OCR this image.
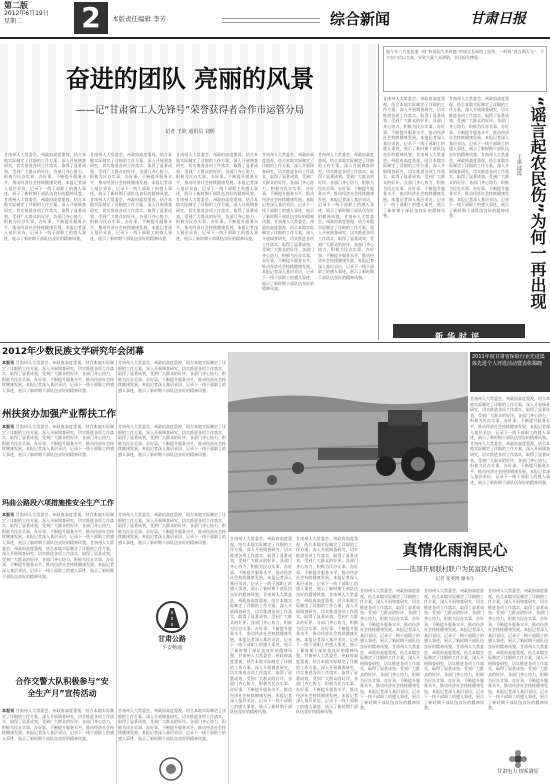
第二版
2012年6月19日
星期二	2	本版责任编辑 李芳	综合新闻	甘肃日报
奋进的团队 亮丽的风景
——记“甘肃省工人先锋号”荣誉获得者合作市运管分局
记者 王欣 通讯员 刘昕
甘南州人大常委会、州政府高度重视，结合本地实际制定了详细的工作方案，深入开展调查研究，切实推进各项工作落实，取得了显著成效，受到广大群众的好评。各部门齐心协力，积极为民办实事、办好事，不断提升服务水平，推动经济社会持续健康发展。本报记者深入基层采访，记录下一线干部职工的感人事迹，展示了新时期干部队伍良好的精神风貌。甘南州人大常委会、州政府高度重视，结合本地实际制定了详细的工作方案，深入开展调查研究，切实推进各项工作落实，取得了显著成效，受到广大群众的好评。各部门齐心协力，积极为民办实事、办好事，不断提升服务水平，推动经济社会持续健康发展。本报记者深入基层采访，记录下一线干部职工的感人事迹，展示了新时期干部队伍良好的精神风貌。
甘南州人大常委会、州政府高度重视，结合本地实际制定了详细的工作方案，深入开展调查研究，切实推进各项工作落实，取得了显著成效，受到广大群众的好评。各部门齐心协力，积极为民办实事、办好事，不断提升服务水平，推动经济社会持续健康发展。本报记者深入基层采访，记录下一线干部职工的感人事迹，展示了新时期干部队伍良好的精神风貌。甘南州人大常委会、州政府高度重视，结合本地实际制定了详细的工作方案，深入开展调查研究，切实推进各项工作落实，取得了显著成效，受到广大群众的好评。各部门齐心协力，积极为民办实事、办好事，不断提升服务水平，推动经济社会持续健康发展。本报记者深入基层采访，记录下一线干部职工的感人事迹，展示了新时期干部队伍良好的精神风貌。
甘南州人大常委会、州政府高度重视，结合本地实际制定了详细的工作方案，深入开展调查研究，切实推进各项工作落实，取得了显著成效，受到广大群众的好评。各部门齐心协力，积极为民办实事、办好事，不断提升服务水平，推动经济社会持续健康发展。本报记者深入基层采访，记录下一线干部职工的感人事迹，展示了新时期干部队伍良好的精神风貌。甘南州人大常委会、州政府高度重视，结合本地实际制定了详细的工作方案，深入开展调查研究，切实推进各项工作落实，取得了显著成效，受到广大群众的好评。各部门齐心协力，积极为民办实事、办好事，不断提升服务水平，推动经济社会持续健康发展。本报记者深入基层采访，记录下一线干部职工的感人事迹，展示了新时期干部队伍良好的精神风貌。
甘南州人大常委会、州政府高度重视，结合本地实际制定了详细的工作方案，深入开展调查研究，切实推进各项工作落实，取得了显著成效，受到广大群众的好评。各部门齐心协力，积极为民办实事、办好事，不断提升服务水平，推动经济社会持续健康发展。本报记者深入基层采访，记录下一线干部职工的感人事迹，展示了新时期干部队伍良好的精神风貌。甘南州人大常委会、州政府高度重视，结合本地实际制定了详细的工作方案，深入开展调查研究，切实推进各项工作落实，取得了显著成效，受到广大群众的好评。各部门齐心协力，积极为民办实事、办好事，不断提升服务水平，推动经济社会持续健康发展。本报记者深入基层采访，记录下一线干部职工的感人事迹，展示了新时期干部队伍良好的精神风貌。
甘南州人大常委会、州政府高度重视，结合本地实际制定了详细的工作方案，深入开展调查研究，切实推进各项工作落实，取得了显著成效，受到广大群众的好评。各部门齐心协力，积极为民办实事、办好事，不断提升服务水平，推动经济社会持续健康发展。本报记者深入基层采访，记录下一线干部职工的感人事迹，展示了新时期干部队伍良好的精神风貌。甘南州人大常委会、州政府高度重视，结合本地实际制定了详细的工作方案，深入开展调查研究，切实推进各项工作落实，取得了显著成效，受到广大群众的好评。各部门齐心协力，积极为民办实事、办好事，不断提升服务水平，推动经济社会持续健康发展。本报记者深入基层采访，记录下一线干部职工的感人事迹，展示了新时期干部队伍良好的精神风貌。
据今年六月某报道一则“转基因大米致癌”的谣言在网络上流传，一时间“谣言满天飞”，不少农户信以为真，导致大量大米滞销，农民损失惨重……
“谣言起农民伤”为何一再出现
王康 邱霞
甘南州人大常委会、州政府高度重视，结合本地实际制定了详细的工作方案，深入开展调查研究，切实推进各项工作落实，取得了显著成效，受到广大群众的好评。各部门齐心协力，积极为民办实事、办好事，不断提升服务水平，推动经济社会持续健康发展。本报记者深入基层采访，记录下一线干部职工的感人事迹，展示了新时期干部队伍良好的精神风貌。甘南州人大常委会、州政府高度重视，结合本地实际制定了详细的工作方案，深入开展调查研究，切实推进各项工作落实，取得了显著成效，受到广大群众的好评。各部门齐心协力，积极为民办实事、办好事，不断提升服务水平，推动经济社会持续健康发展。本报记者深入基层采访，记录下一线干部职工的感人事迹，展示了新时期干部队伍良好的精神风貌。
甘南州人大常委会、州政府高度重视，结合本地实际制定了详细的工作方案，深入开展调查研究，切实推进各项工作落实，取得了显著成效，受到广大群众的好评。各部门齐心协力，积极为民办实事、办好事，不断提升服务水平，推动经济社会持续健康发展。本报记者深入基层采访，记录下一线干部职工的感人事迹，展示了新时期干部队伍良好的精神风貌。甘南州人大常委会、州政府高度重视，结合本地实际制定了详细的工作方案，深入开展调查研究，切实推进各项工作落实，取得了显著成效，受到广大群众的好评。各部门齐心协力，积极为民办实事、办好事，不断提升服务水平，推动经济社会持续健康发展。本报记者深入基层采访，记录下一线干部职工的感人事迹，展示了新时期干部队伍良好的精神风貌。
新华时评
2012年少数民族文学研究年会闭幕
本报讯 甘南州人大常委会、州政府高度重视，结合本地实际制定了详细的工作方案，深入开展调查研究，切实推进各项工作落实，取得了显著成效，受到广大群众的好评。各部门齐心协力，积极为民办实事、办好事，不断提升服务水平，推动经济社会持续健康发展。本报记者深入基层采访，记录下一线干部职工的感人事迹，展示了新时期干部队伍良好的精神风貌。
州扶贫办加强产业帮扶工作
本报讯 甘南州人大常委会、州政府高度重视，结合本地实际制定了详细的工作方案，深入开展调查研究，切实推进各项工作落实，取得了显著成效，受到广大群众的好评。各部门齐心协力，积极为民办实事、办好事，不断提升服务水平，推动经济社会持续健康发展。本报记者深入基层采访，记录下一线干部职工的感人事迹，展示了新时期干部队伍良好的精神风貌。
玛曲公路段六项措施推安全生产工作
本报讯 甘南州人大常委会、州政府高度重视，结合本地实际制定了详细的工作方案，深入开展调查研究，切实推进各项工作落实，取得了显著成效，受到广大群众的好评。各部门齐心协力，积极为民办实事、办好事，不断提升服务水平，推动经济社会持续健康发展。本报记者深入基层采访，记录下一线干部职工的感人事迹，展示了新时期干部队伍良好的精神风貌。甘南州人大常委会、州政府高度重视，结合本地实际制定了详细的工作方案，深入开展调查研究，切实推进各项工作落实，取得了显著成效，受到广大群众的好评。各部门齐心协力，积极为民办实事、办好事，不断提升服务水平，推动经济社会持续健康发展。本报记者深入基层采访，记录下一线干部职工的感人事迹，展示了新时期干部队伍良好的精神风貌。
合作交警大队积极参与“安全生产月”宣传活动
本报讯 甘南州人大常委会、州政府高度重视，结合本地实际制定了详细的工作方案，深入开展调查研究，切实推进各项工作落实，取得了显著成效，受到广大群众的好评。各部门齐心协力，积极为民办实事、办好事，不断提升服务水平，推动经济社会持续健康发展。本报记者深入基层采访，记录下一线干部职工的感人事迹，展示了新时期干部队伍良好的精神风貌。
甘南州人大常委会、州政府高度重视，结合本地实际制定了详细的工作方案，深入开展调查研究，切实推进各项工作落实，取得了显著成效，受到广大群众的好评。各部门齐心协力，积极为民办实事、办好事，不断提升服务水平，推动经济社会持续健康发展。本报记者深入基层采访，记录下一线干部职工的感人事迹，展示了新时期干部队伍良好的精神风貌。
甘南州人大常委会、州政府高度重视，结合本地实际制定了详细的工作方案，深入开展调查研究，切实推进各项工作落实，取得了显著成效，受到广大群众的好评。各部门齐心协力，积极为民办实事、办好事，不断提升服务水平，推动经济社会持续健康发展。本报记者深入基层采访，记录下一线干部职工的感人事迹，展示了新时期干部队伍良好的精神风貌。
甘南州人大常委会、州政府高度重视，结合本地实际制定了详细的工作方案，深入开展调查研究，切实推进各项工作落实，取得了显著成效，受到广大群众的好评。各部门齐心协力，积极为民办实事、办好事，不断提升服务水平，推动经济社会持续健康发展。本报记者深入基层采访，记录下一线干部职工的感人事迹，展示了新时期干部队伍良好的精神风貌。
甘肃公路
平安畅通
甘南州人大常委会、州政府高度重视，结合本地实际制定了详细的工作方案，深入开展调查研究，切实推进各项工作落实，取得了显著成效，受到广大群众的好评。各部门齐心协力，积极为民办实事、办好事，不断提升服务水平，推动经济社会持续健康发展。本报记者深入基层采访，记录下一线干部职工的感人事迹，展示了新时期干部队伍良好的精神风貌。
2011年度甘肃省保险行业先进集体先进个人评选活动暨表彰揭晓
甘南州人大常委会、州政府高度重视，结合本地实际制定了详细的工作方案，深入开展调查研究，切实推进各项工作落实，取得了显著成效，受到广大群众的好评。各部门齐心协力，积极为民办实事、办好事，不断提升服务水平，推动经济社会持续健康发展。本报记者深入基层采访，记录下一线干部职工的感人事迹，展示了新时期干部队伍良好的精神风貌。甘南州人大常委会、州政府高度重视，结合本地实际制定了详细的工作方案，深入开展调查研究，切实推进各项工作落实，取得了显著成效，受到广大群众的好评。各部门齐心协力，积极为民办实事、办好事，不断提升服务水平，推动经济社会持续健康发展。本报记者深入基层采访，记录下一线干部职工的感人事迹，展示了新时期干部队伍良好的精神风貌。
甘南州人大常委会、州政府高度重视，结合本地实际制定了详细的工作方案，深入开展调查研究，切实推进各项工作落实，取得了显著成效，受到广大群众的好评。各部门齐心协力，积极为民办实事、办好事，不断提升服务水平，推动经济社会持续健康发展。本报记者深入基层采访，记录下一线干部职工的感人事迹，展示了新时期干部队伍良好的精神风貌。甘南州人大常委会、州政府高度重视，结合本地实际制定了详细的工作方案，深入开展调查研究，切实推进各项工作落实，取得了显著成效，受到广大群众的好评。各部门齐心协力，积极为民办实事、办好事，不断提升服务水平，推动经济社会持续健康发展。本报记者深入基层采访，记录下一线干部职工的感人事迹，展示了新时期干部队伍良好的精神风貌。甘南州人大常委会、州政府高度重视，结合本地实际制定了详细的工作方案，深入开展调查研究，切实推进各项工作落实，取得了显著成效，受到广大群众的好评。各部门齐心协力，积极为民办实事、办好事，不断提升服务水平，推动经济社会持续健康发展。本报记者深入基层采访，记录下一线干部职工的感人事迹，展示了新时期干部队伍良好的精神风貌。
甘南州人大常委会、州政府高度重视，结合本地实际制定了详细的工作方案，深入开展调查研究，切实推进各项工作落实，取得了显著成效，受到广大群众的好评。各部门齐心协力，积极为民办实事、办好事，不断提升服务水平，推动经济社会持续健康发展。本报记者深入基层采访，记录下一线干部职工的感人事迹，展示了新时期干部队伍良好的精神风貌。甘南州人大常委会、州政府高度重视，结合本地实际制定了详细的工作方案，深入开展调查研究，切实推进各项工作落实，取得了显著成效，受到广大群众的好评。各部门齐心协力，积极为民办实事、办好事，不断提升服务水平，推动经济社会持续健康发展。本报记者深入基层采访，记录下一线干部职工的感人事迹，展示了新时期干部队伍良好的精神风貌。甘南州人大常委会、州政府高度重视，结合本地实际制定了详细的工作方案，深入开展调查研究，切实推进各项工作落实，取得了显著成效，受到广大群众的好评。各部门齐心协力，积极为民办实事、办好事，不断提升服务水平，推动经济社会持续健康发展。本报记者深入基层采访，记录下一线干部职工的感人事迹，展示了新时期干部队伍良好的精神风貌。
真情化雨润民心
——选部开展联村联户为民富民行动纪实
记者 张英博 谢书生
甘南州人大常委会、州政府高度重视，结合本地实际制定了详细的工作方案，深入开展调查研究，切实推进各项工作落实，取得了显著成效，受到广大群众的好评。各部门齐心协力，积极为民办实事、办好事，不断提升服务水平，推动经济社会持续健康发展。本报记者深入基层采访，记录下一线干部职工的感人事迹，展示了新时期干部队伍良好的精神风貌。甘南州人大常委会、州政府高度重视，结合本地实际制定了详细的工作方案，深入开展调查研究，切实推进各项工作落实，取得了显著成效，受到广大群众的好评。各部门齐心协力，积极为民办实事、办好事，不断提升服务水平，推动经济社会持续健康发展。本报记者深入基层采访，记录下一线干部职工的感人事迹，展示了新时期干部队伍良好的精神风貌。
甘南州人大常委会、州政府高度重视，结合本地实际制定了详细的工作方案，深入开展调查研究，切实推进各项工作落实，取得了显著成效，受到广大群众的好评。各部门齐心协力，积极为民办实事、办好事，不断提升服务水平，推动经济社会持续健康发展。本报记者深入基层采访，记录下一线干部职工的感人事迹，展示了新时期干部队伍良好的精神风貌。甘南州人大常委会、州政府高度重视，结合本地实际制定了详细的工作方案，深入开展调查研究，切实推进各项工作落实，取得了显著成效，受到广大群众的好评。各部门齐心协力，积极为民办实事、办好事，不断提升服务水平，推动经济社会持续健康发展。本报记者深入基层采访，记录下一线干部职工的感人事迹，展示了新时期干部队伍良好的精神风貌。
甘南州人大常委会、州政府高度重视，结合本地实际制定了详细的工作方案，深入开展调查研究，切实推进各项工作落实，取得了显著成效，受到广大群众的好评。各部门齐心协力，积极为民办实事、办好事，不断提升服务水平，推动经济社会持续健康发展。本报记者深入基层采访，记录下一线干部职工的感人事迹，展示了新时期干部队伍良好的精神风貌。甘南州人大常委会、州政府高度重视，结合本地实际制定了详细的工作方案，深入开展调查研究，切实推进各项工作落实，取得了显著成效，受到广大群众的好评。各部门齐心协力，积极为民办实事、办好事，不断提升服务水平，推动经济社会持续健康发展。本报记者深入基层采访，记录下一线干部职工的感人事迹，展示了新时期干部队伍良好的精神风貌。
甘肃电力 情系陇原
